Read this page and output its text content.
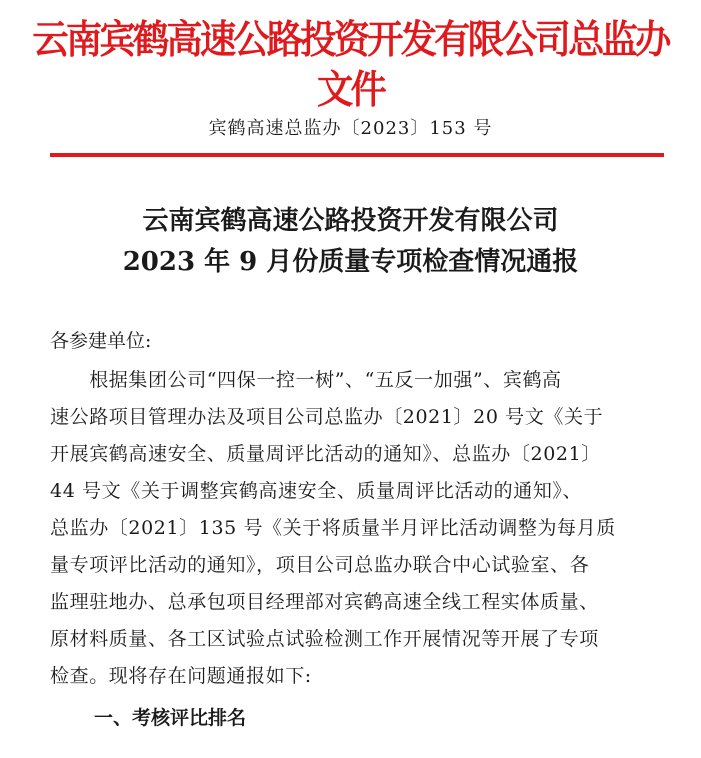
云南宾鹤高速公路投资开发有限公司总监办文件
宾鹤高速总监办〔2023〕153 号
云南宾鹤高速公路投资开发有限公司
2023 年 9 月份质量专项检查情况通报
各参建单位:
　　根据集团公司“四保一控一树”、“五反一加强”、宾鹤高
速公路项目管理办法及项目公司总监办〔2021〕20 号文《关于
开展宾鹤高速安全、质量周评比活动的通知》、总监办〔2021〕
44 号文《关于调整宾鹤高速安全、质量周评比活动的通知》、
总监办〔2021〕135 号《关于将质量半月评比活动调整为每月质
量专项评比活动的通知》，项目公司总监办联合中心试验室、各
监理驻地办、总承包项目经理部对宾鹤高速全线工程实体质量、
原材料质量、各工区试验点试验检测工作开展情况等开展了专项
检查。现将存在问题通报如下:
一、考核评比排名
